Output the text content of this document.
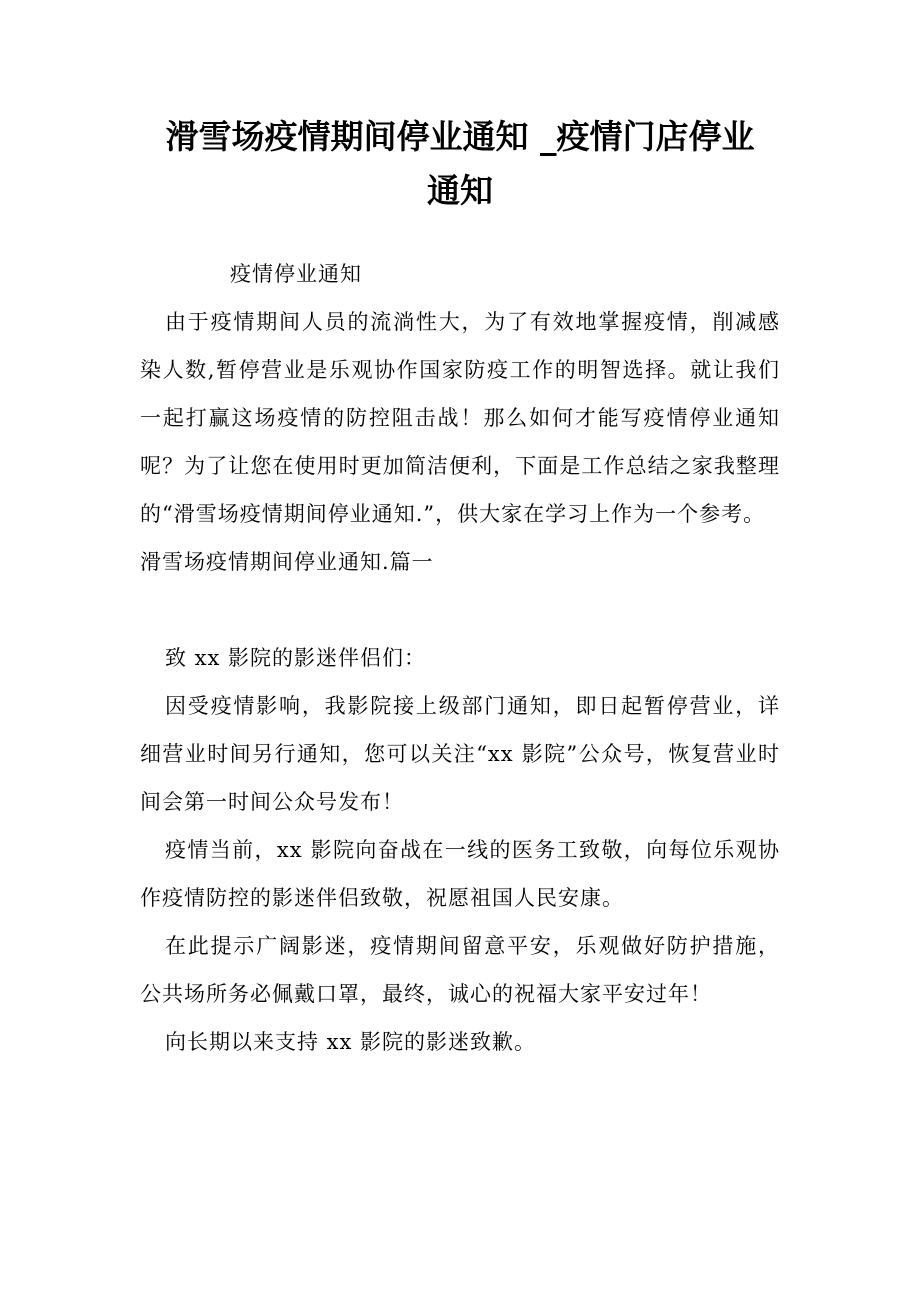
滑雪场疫情期间停业通知 _疫情门店停业
通知

疫情停业通知

由于疫情期间人员的流淌性大，为了有效地掌握疫情，削减感染人数,暂停营业是乐观协作国家防疫工作的明智选择。就让我们一起打赢这场疫情的防控阻击战！那么如何才能写疫情停业通知呢？为了让您在使用时更加简洁便利，下面是工作总结之家我整理的“滑雪场疫情期间停业通知.”，供大家在学习上作为一个参考。

滑雪场疫情期间停业通知.篇一

致 xx 影院的影迷伴侣们：

因受疫情影响，我影院接上级部门通知，即日起暂停营业，详细营业时间另行通知，您可以关注“xx 影院”公众号，恢复营业时间会第一时间公众号发布！

疫情当前，xx 影院向奋战在一线的医务工致敬，向每位乐观协作疫情防控的影迷伴侣致敬，祝愿祖国人民安康。

在此提示广阔影迷，疫情期间留意平安，乐观做好防护措施，公共场所务必佩戴口罩，最终，诚心的祝福大家平安过年！

向长期以来支持 xx 影院的影迷致歉。
